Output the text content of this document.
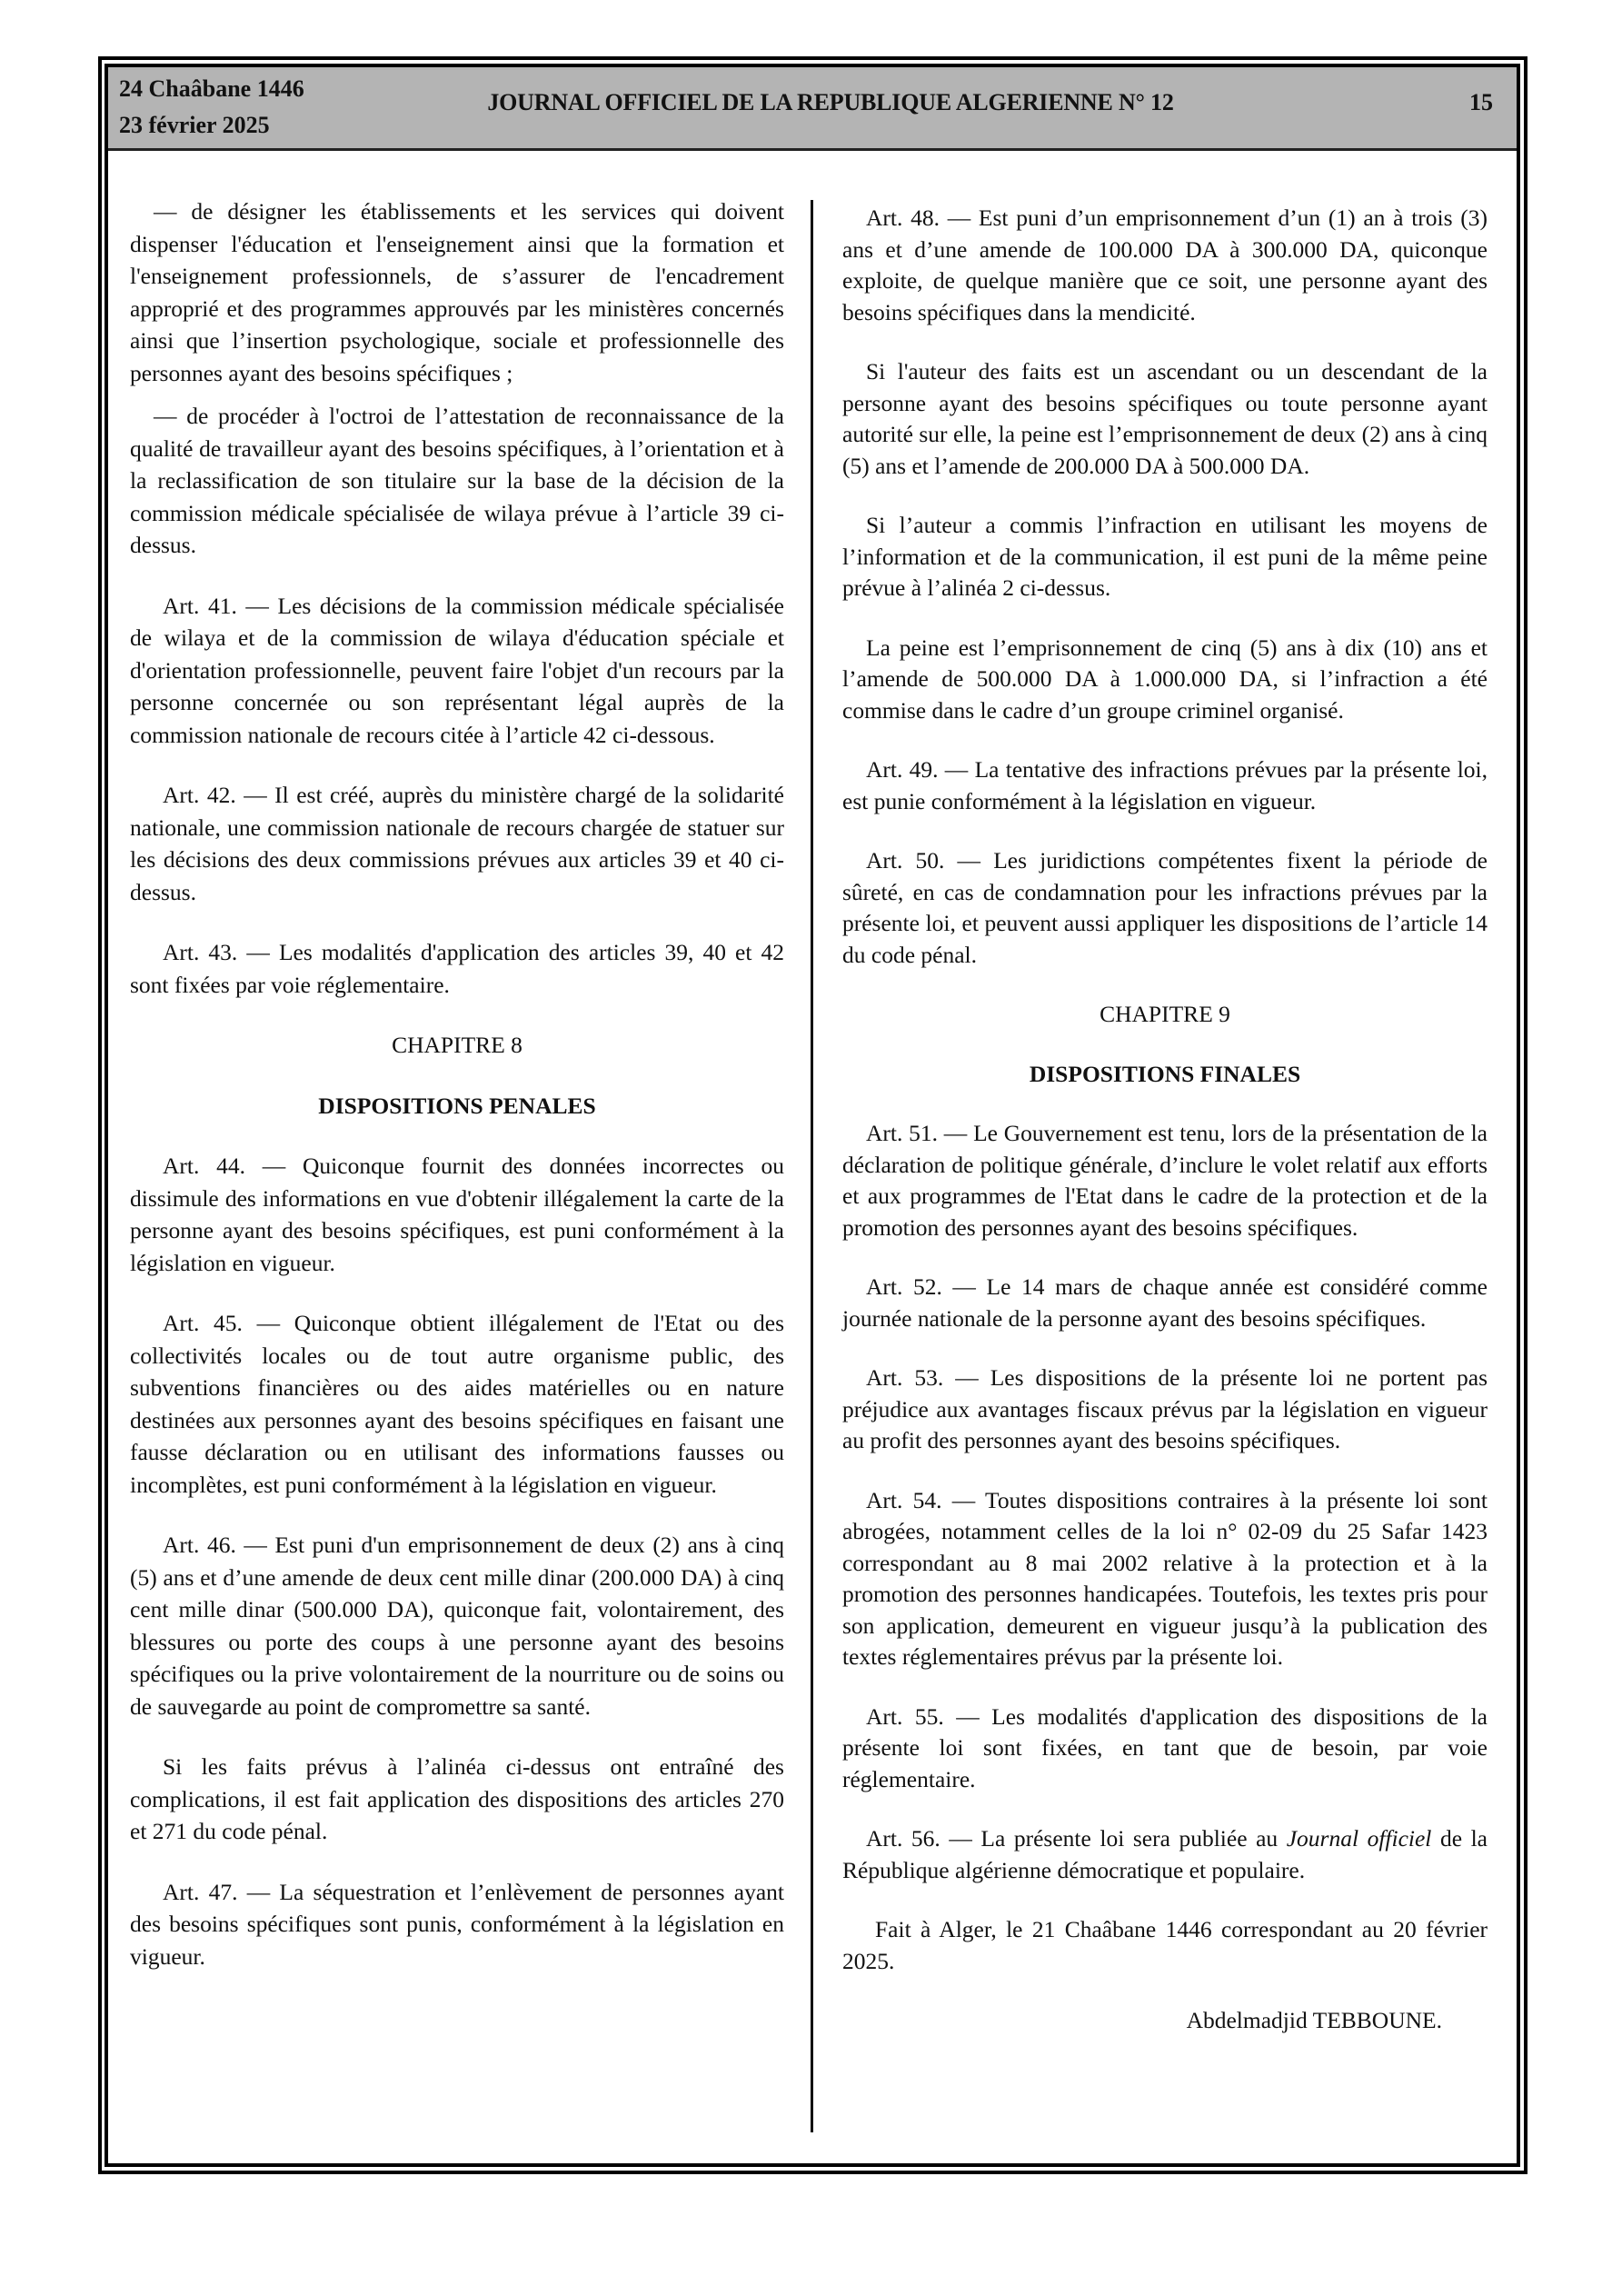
24 Chaâbane 1446
23 février 2025
JOURNAL OFFICIEL DE LA REPUBLIQUE ALGERIENNE N° 12	15

— de désigner les établissements et les services qui doivent dispenser l'éducation et l'enseignement ainsi que la formation et l'enseignement professionnels, de s’assurer de l'encadrement approprié et des programmes approuvés par les ministères concernés ainsi que l’insertion psychologique, sociale et professionnelle des personnes ayant des besoins spécifiques ;

— de procéder à l'octroi de l’attestation de reconnaissance de la qualité de travailleur ayant des besoins spécifiques, à l’orientation et à la reclassification de son titulaire sur la base de la décision de la commission médicale spécialisée de wilaya prévue à l’article 39 ci-dessus.

Art. 41. — Les décisions de la commission médicale spécialisée de wilaya et de la commission de wilaya d'éducation spéciale et d'orientation professionnelle, peuvent faire l'objet d'un recours par la personne concernée ou son représentant légal auprès de la commission nationale de recours citée à l’article 42 ci-dessous.

Art. 42. — Il est créé, auprès du ministère chargé de la solidarité nationale, une commission nationale de recours chargée de statuer sur les décisions des deux commissions prévues aux articles 39 et 40 ci-dessus.

Art. 43. — Les modalités d'application des articles 39, 40 et 42 sont fixées par voie réglementaire.

CHAPITRE 8

DISPOSITIONS PENALES

Art. 44. — Quiconque fournit des données incorrectes ou dissimule des informations en vue d'obtenir illégalement la carte de la personne ayant des besoins spécifiques, est puni conformément à la législation en vigueur.

Art. 45. — Quiconque obtient illégalement de l'Etat ou des collectivités locales ou de tout autre organisme public, des subventions financières ou des aides matérielles ou en nature destinées aux personnes ayant des besoins spécifiques en faisant une fausse déclaration ou en utilisant des informations fausses ou incomplètes, est puni conformément à la législation en vigueur.

Art. 46. — Est puni d'un emprisonnement de deux (2) ans à cinq (5) ans et d’une amende de deux cent mille dinar (200.000 DA) à cinq cent mille dinar (500.000 DA), quiconque fait, volontairement, des blessures ou porte des coups à une personne ayant des besoins spécifiques ou la prive volontairement de la nourriture ou de soins ou de sauvegarde au point de compromettre sa santé.

Si les faits prévus à l’alinéa ci-dessus ont entraîné des complications, il est fait application des dispositions des articles 270 et 271 du code pénal.

Art. 47. — La séquestration et l’enlèvement de personnes ayant des besoins spécifiques sont punis, conformément à la législation en vigueur.

Art. 48. — Est puni d’un emprisonnement d’un (1) an à trois (3) ans et d’une amende de 100.000 DA à 300.000 DA, quiconque exploite, de quelque manière que ce soit, une personne ayant des besoins spécifiques dans la mendicité.

Si l'auteur des faits est un ascendant ou un descendant de la personne ayant des besoins spécifiques ou toute personne ayant autorité sur elle, la peine est l’emprisonnement de deux (2) ans à cinq (5) ans et l’amende de 200.000 DA à 500.000 DA.

Si l’auteur a commis l’infraction en utilisant les moyens de l’information et de la communication, il est puni de la même peine prévue à l’alinéa 2 ci-dessus.

La peine est l’emprisonnement de cinq (5) ans à dix (10) ans et l’amende de 500.000 DA à 1.000.000 DA, si l’infraction a été commise dans le cadre d’un groupe criminel organisé.

Art. 49. — La tentative des infractions prévues par la présente loi, est punie conformément à la législation en vigueur.

Art. 50. — Les juridictions compétentes fixent la période de sûreté, en cas de condamnation pour les infractions prévues par la présente loi, et peuvent aussi appliquer les dispositions de l’article 14 du code pénal.

CHAPITRE 9

DISPOSITIONS FINALES

Art. 51. — Le Gouvernement est tenu, lors de la présentation de la déclaration de politique générale, d’inclure le volet relatif aux efforts et aux programmes de l'Etat dans le cadre de la protection et de la promotion des personnes ayant des besoins spécifiques.

Art. 52. — Le 14 mars de chaque année est considéré comme journée nationale de la personne ayant des besoins spécifiques.

Art. 53. — Les dispositions de la présente loi ne portent pas préjudice aux avantages fiscaux prévus par la législation en vigueur au profit des personnes ayant des besoins spécifiques.

Art. 54. — Toutes dispositions contraires à la présente loi sont abrogées, notamment celles de la loi n° 02-09 du 25 Safar 1423 correspondant au 8 mai 2002 relative à la protection et à la promotion des personnes handicapées. Toutefois, les textes pris pour son application, demeurent en vigueur jusqu’à la publication des textes réglementaires prévus par la présente loi.

Art. 55. — Les modalités d'application des dispositions de la présente loi sont fixées, en tant que de besoin, par voie réglementaire.

Art. 56. — La présente loi sera publiée au Journal officiel de la République algérienne démocratique et populaire.

Fait à Alger, le 21 Chaâbane 1446 correspondant au 20 février 2025.

Abdelmadjid TEBBOUNE.
